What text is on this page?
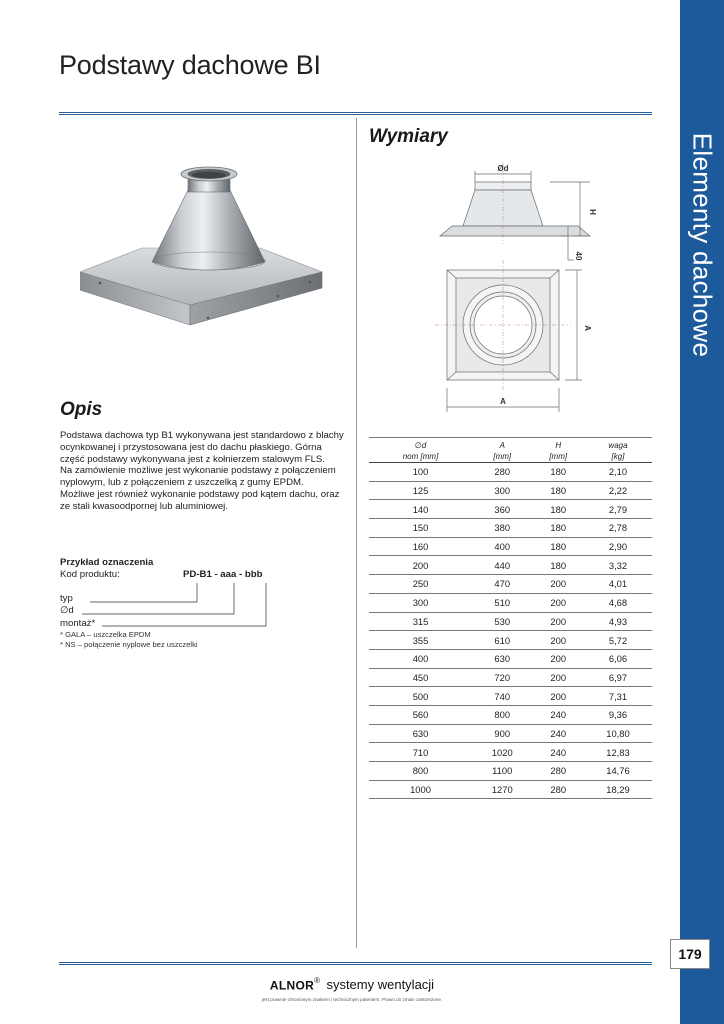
Podstawy dachowe BI
Elementy dachowe
179
Wymiary
Ød
H
40
A
A
Opis

Podstawa dachowa typ B1 wykonywana jest standardowo z blachy ocynkowanej i przystosowana jest do dachu płaskiego. Górna część podstawy wykonywana jest z kołnierzem stalowym FLS.

Na zamówienie możliwe jest wykonanie podstawy z połączeniem nyplowym, lub z połączeniem z uszczelką z gumy EPDM.

Możliwe jest również wykonanie podstawy pod kątem dachu, oraz ze stali kwasoodpornej lub aluminiowej.

Przykład oznaczenia
Kod produktu:	PD-B1 - aaa - bbb
typ
∅d
montaż*
* GALA – uszczelka EPDM
* NS – połączenie nyplowe bez uszczelki
∅d	A	H	waga
nom [mm]	[mm]	[mm]	[kg]
100	280	180	2,10
125	300	180	2,22
140	360	180	2,79
150	380	180	2,78
160	400	180	2,90
200	440	180	3,32
250	470	200	4,01
300	510	200	4,68
315	530	200	4,93
355	610	200	5,72
400	630	200	6,06
450	720	200	6,97
500	740	200	7,31
560	800	240	9,36
630	900	240	10,80
710	1020	240	12,83
800	1100	280	14,76
1000	1270	280	18,29
ALNOR® systemy wentylacji
jest prawnie chronionym znakiem i technicznym patentem. Prawo do zmian zastrzeżone.
